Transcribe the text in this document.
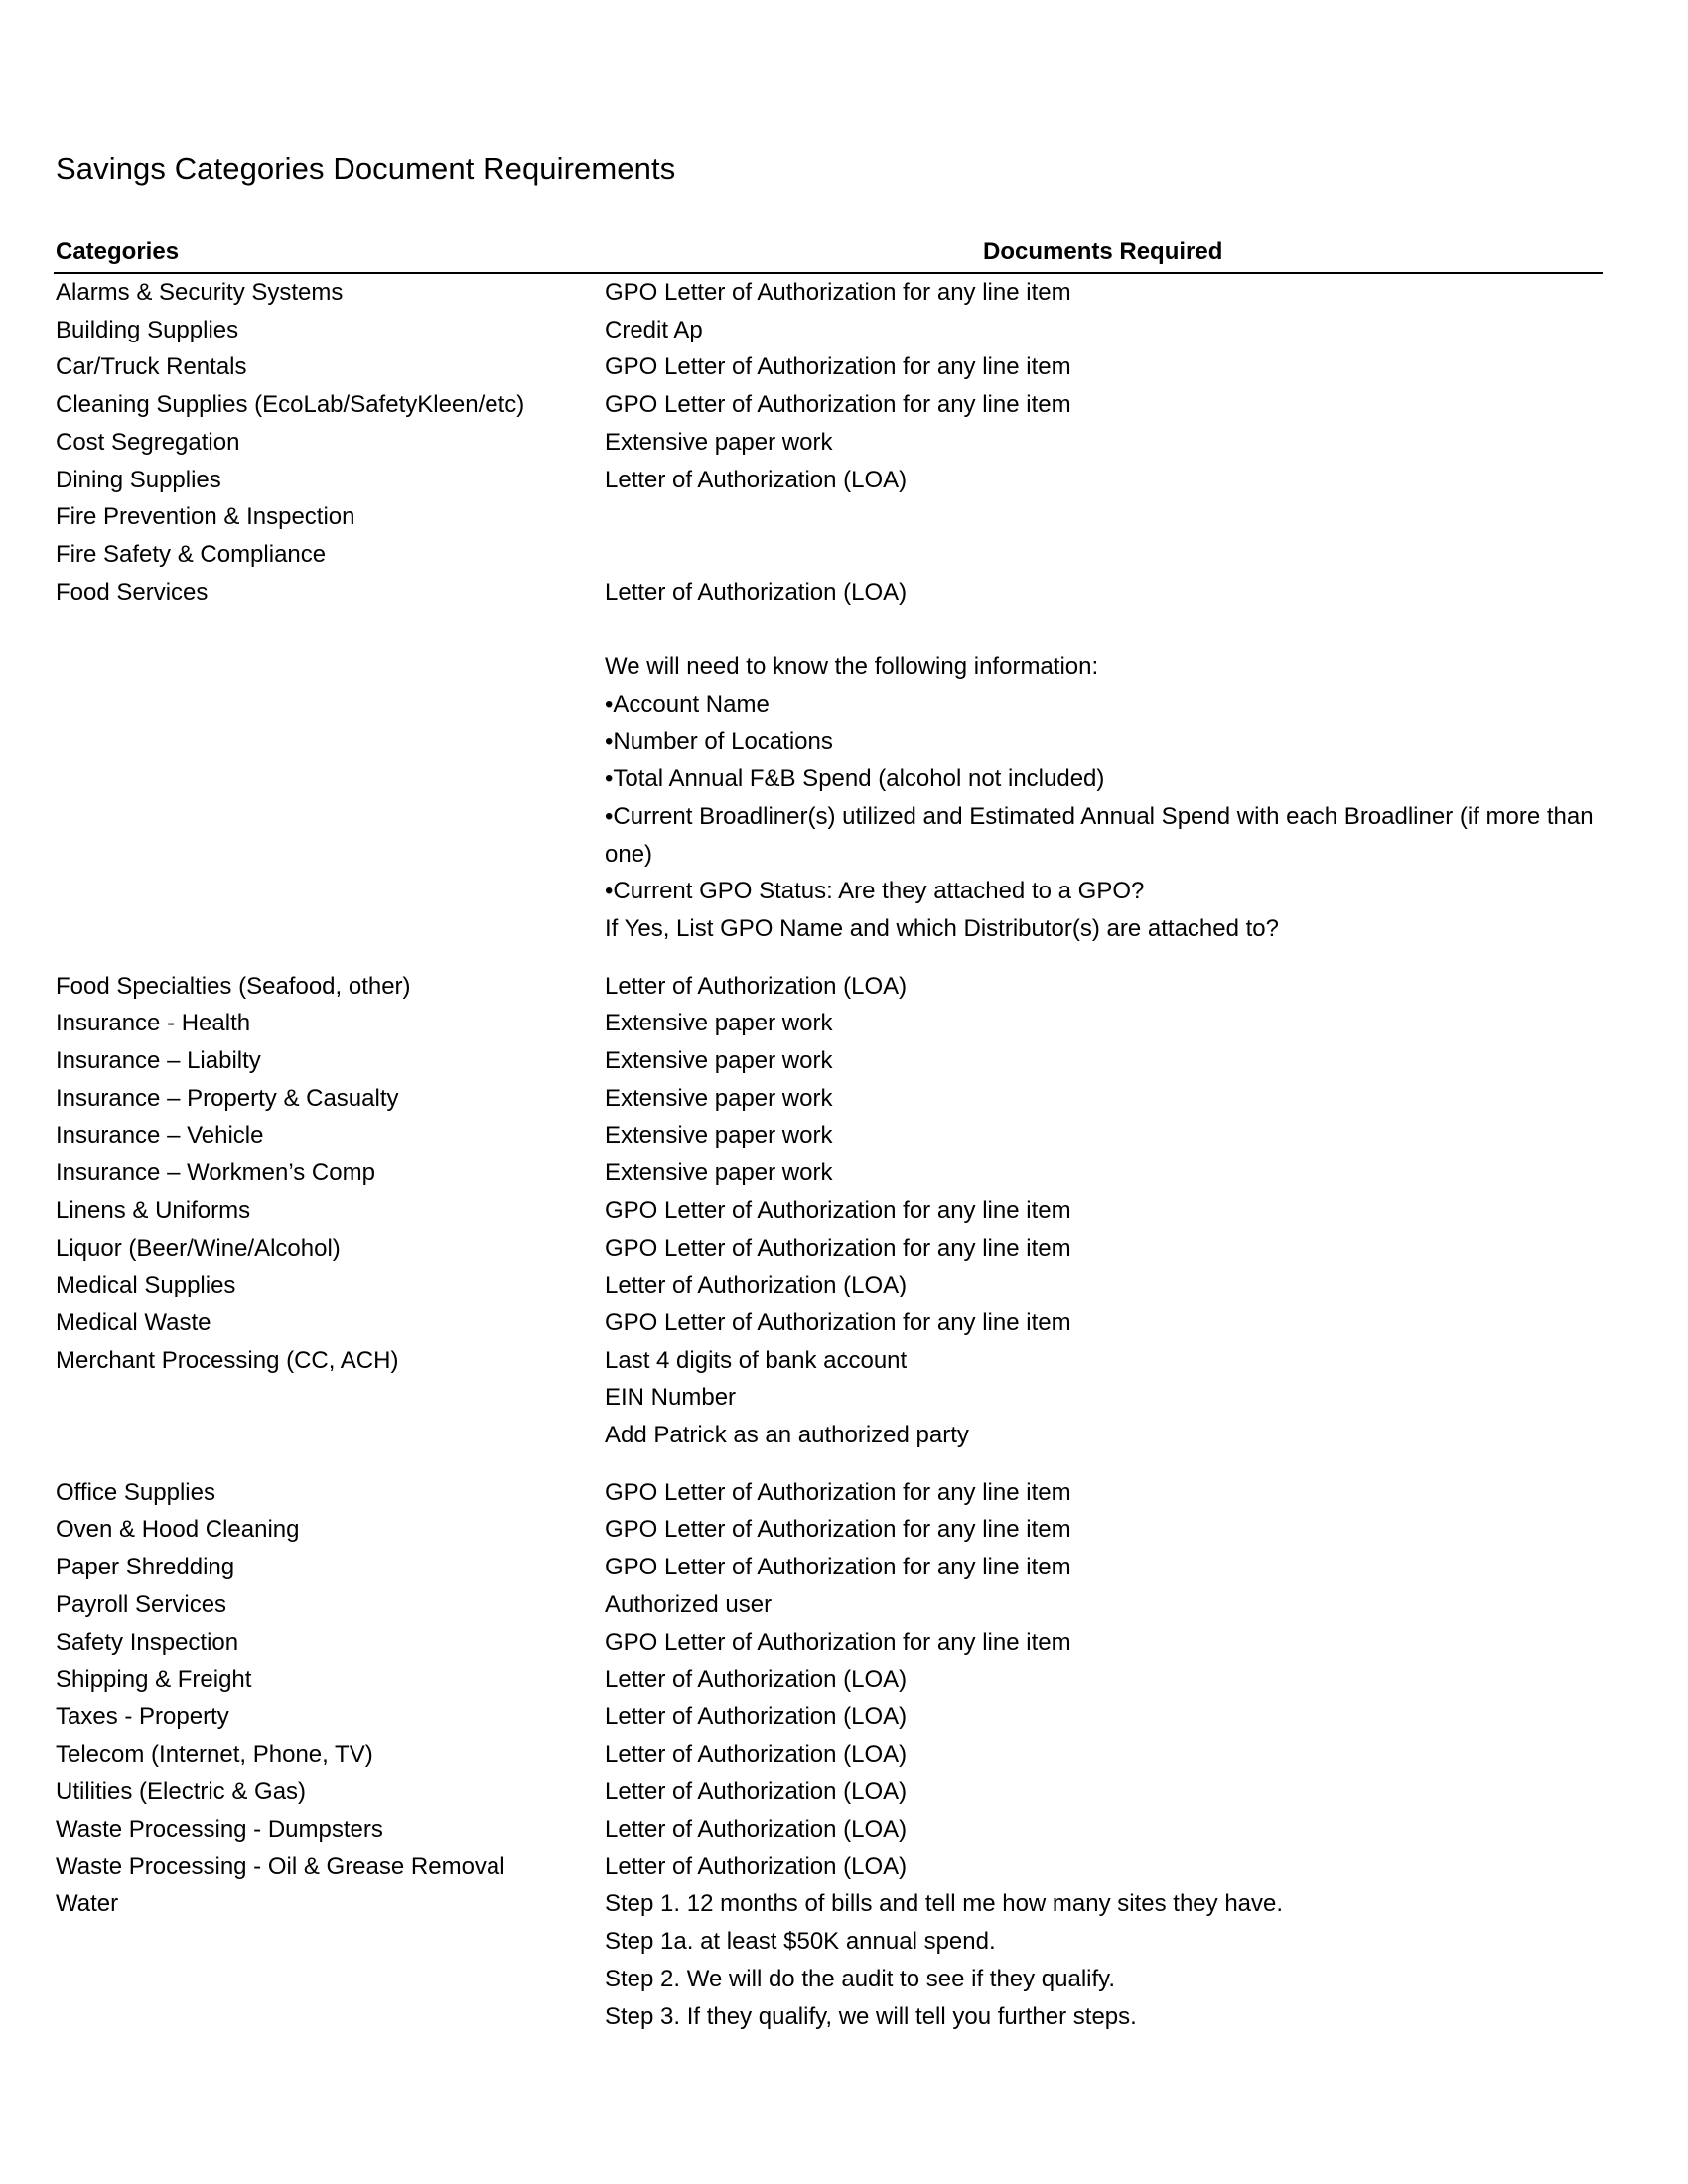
Savings Categories Document Requirements
Categories	Documents Required
Alarms & Security Systems	GPO Letter of Authorization for any line item
Building Supplies	Credit Ap
Car/Truck Rentals	GPO Letter of Authorization for any line item
Cleaning Supplies (EcoLab/SafetyKleen/etc)	GPO Letter of Authorization for any line item
Cost Segregation	Extensive paper work
Dining Supplies	Letter of Authorization (LOA)
Fire Prevention & Inspection
Fire Safety & Compliance
Food Services	Letter of Authorization (LOA)
We will need to know the following information:
•Account Name
•Number of Locations
•Total Annual F&B Spend (alcohol not included)
•Current Broadliner(s) utilized and Estimated Annual Spend with each Broadliner (if more than one)
•Current GPO Status: Are they attached to a GPO?
If Yes, List GPO Name and which Distributor(s) are attached to?
Food Specialties (Seafood, other)	Letter of Authorization (LOA)
Insurance - Health	Extensive paper work
Insurance – Liabilty	Extensive paper work
Insurance – Property & Casualty	Extensive paper work
Insurance – Vehicle	Extensive paper work
Insurance – Workmen’s Comp	Extensive paper work
Linens & Uniforms	GPO Letter of Authorization for any line item
Liquor (Beer/Wine/Alcohol)	GPO Letter of Authorization for any line item
Medical Supplies	Letter of Authorization (LOA)
Medical Waste	GPO Letter of Authorization for any line item
Merchant Processing (CC, ACH)	Last 4 digits of bank account
EIN Number
Add Patrick as an authorized party
Office Supplies	GPO Letter of Authorization for any line item
Oven & Hood Cleaning	GPO Letter of Authorization for any line item
Paper Shredding	GPO Letter of Authorization for any line item
Payroll Services	Authorized user
Safety Inspection	GPO Letter of Authorization for any line item
Shipping & Freight	Letter of Authorization (LOA)
Taxes - Property	Letter of Authorization (LOA)
Telecom (Internet, Phone, TV)	Letter of Authorization (LOA)
Utilities (Electric & Gas)	Letter of Authorization (LOA)
Waste Processing - Dumpsters	Letter of Authorization (LOA)
Waste Processing - Oil & Grease Removal	Letter of Authorization (LOA)
Water	Step 1. 12 months of bills and tell me how many sites they have.
Step 1a. at least $50K annual spend.
Step 2. We will do the audit to see if they qualify.
Step 3. If they qualify, we will tell you further steps.
